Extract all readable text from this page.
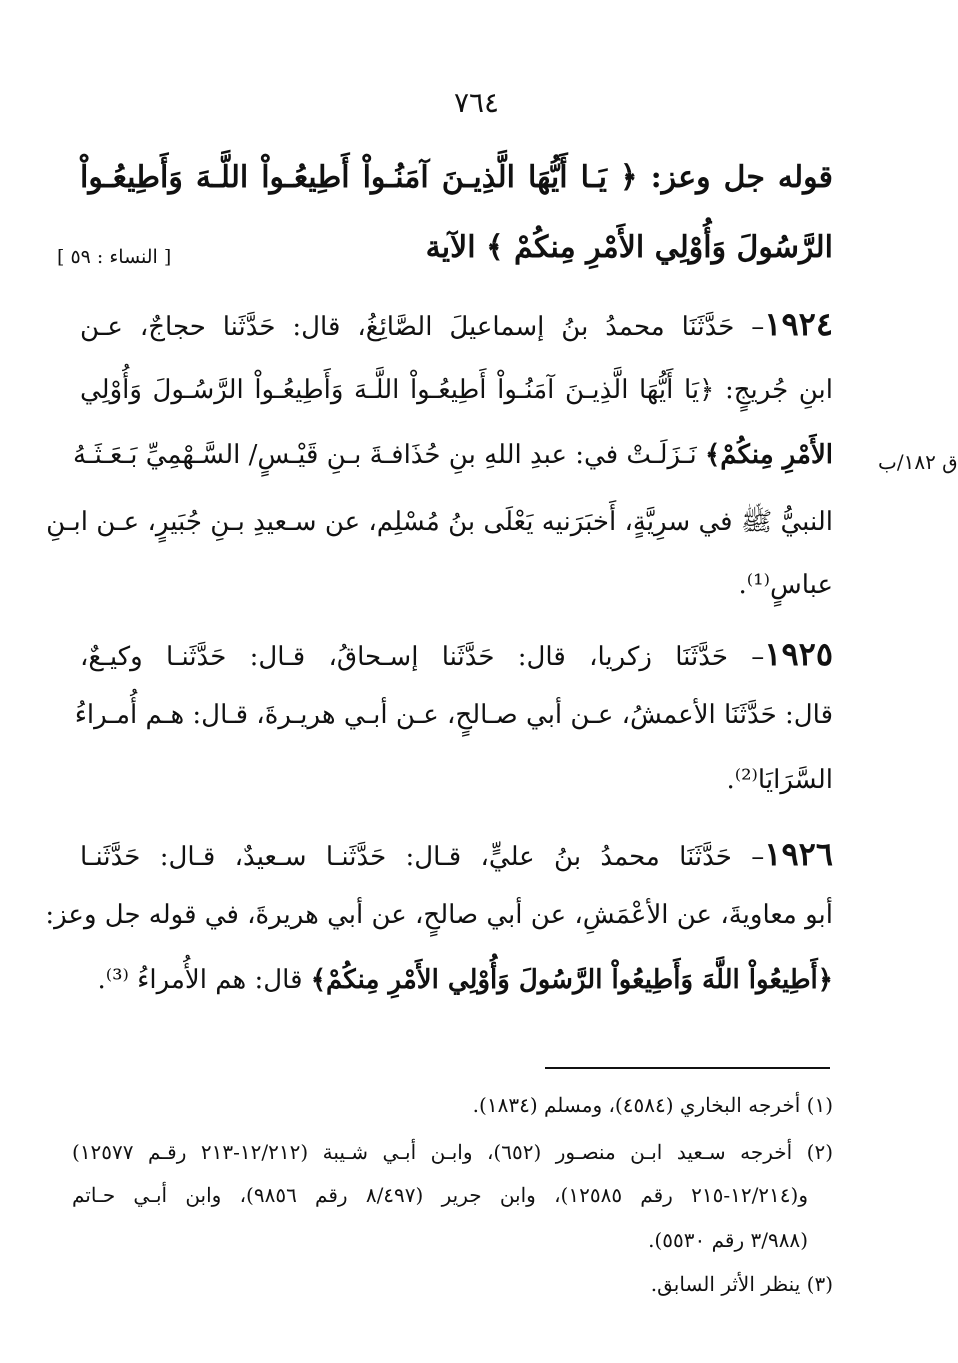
٧٦٤
قوله جل وعز: ﴿ يَـا أَيُّهَا الَّذِيـنَ آمَنُـواْ أَطِيعُـواْ اللَّـهَ وَأَطِيعُـواْ
الرَّسُولَ وَأُوْلِي الأَمْرِ مِنكُمْ ﴾ الآية
[ النساء : ٥٩ ]
١٩٢٤– حَدَّثَنَا محمدُ بنُ إسماعيلَ الصَّائِغُ، قال: حَدَّثَنا حجاجٌ، عـن
ابنِ جُريجٍ: ﴿يَا أَيُّهَا الَّذِيـنَ آمَنُـواْ أَطِيعُـواْ اللَّـهَ وَأَطِيعُـواْ الرَّسُـولَ وَأُوْلِي
الأَمْرِ مِنكُمْ﴾ نَـزَلَـتْ في: عبدِ اللهِ بنِ حُذَافـةَ بـنِ قَيْـسٍ/ السَّـهْمِيِّ بَـعَـثَـهُ	ق ١٨٢/ب
النبيُّ ﷺ في سرِيَّةٍ، أَخبَرَنيه يَعْلَى بنُ مُسْلِم، عن سـعيدِ بـنِ جُبَيرٍ، عـن ابـنِ
عباسٍ⁽¹⁾.
١٩٢٥– حَدَّثَنَا زكريا، قال: حَدَّثَنا إسـحاقُ، قـال: حَدَّثَنـا وكيـعٌ،
قال: حَدَّثَنَا الأعمشُ، عـن أبي صـالحٍ، عـن أبـي هريـرةَ، قـال: هـم أُمـراءُ
السَّرَايَا⁽²⁾.
١٩٢٦– حَدَّثَنَا محمدُ بنُ عليٍّ، قـال: حَدَّثَنـا سـعيدٌ، قـال: حَدَّثَنـا
أبو معاويةَ، عن الأعْمَشِ، عن أبي صالحٍ، عن أبي هريرةَ، في قوله جل وعز:
﴿أَطِيعُواْ اللَّهَ وَأَطِيعُواْ الرَّسُولَ وَأُوْلِي الأَمْرِ مِنكُمْ﴾ قال: هم الأُمراءُ ⁽³⁾.
(١) أخرجه البخاري (٤٥٨٤)، ومسلم (١٨٣٤).
(٢) أخرجه سـعيد ابـن منصـور (٦٥٢)، وابـن أبـي شـيبة (١٢/٢١٢-٢١٣ رقـم ١٢٥٧٧)
و(١٢/٢١٤-٢١٥ رقم ١٢٥٨٥)، وابن جرير (٨/٤٩٧ رقم ٩٨٥٦)، وابن أبـي حـاتم
(٣/٩٨٨ رقم ٥٥٣٠).
(٣) ينظر الأثر السابق.
